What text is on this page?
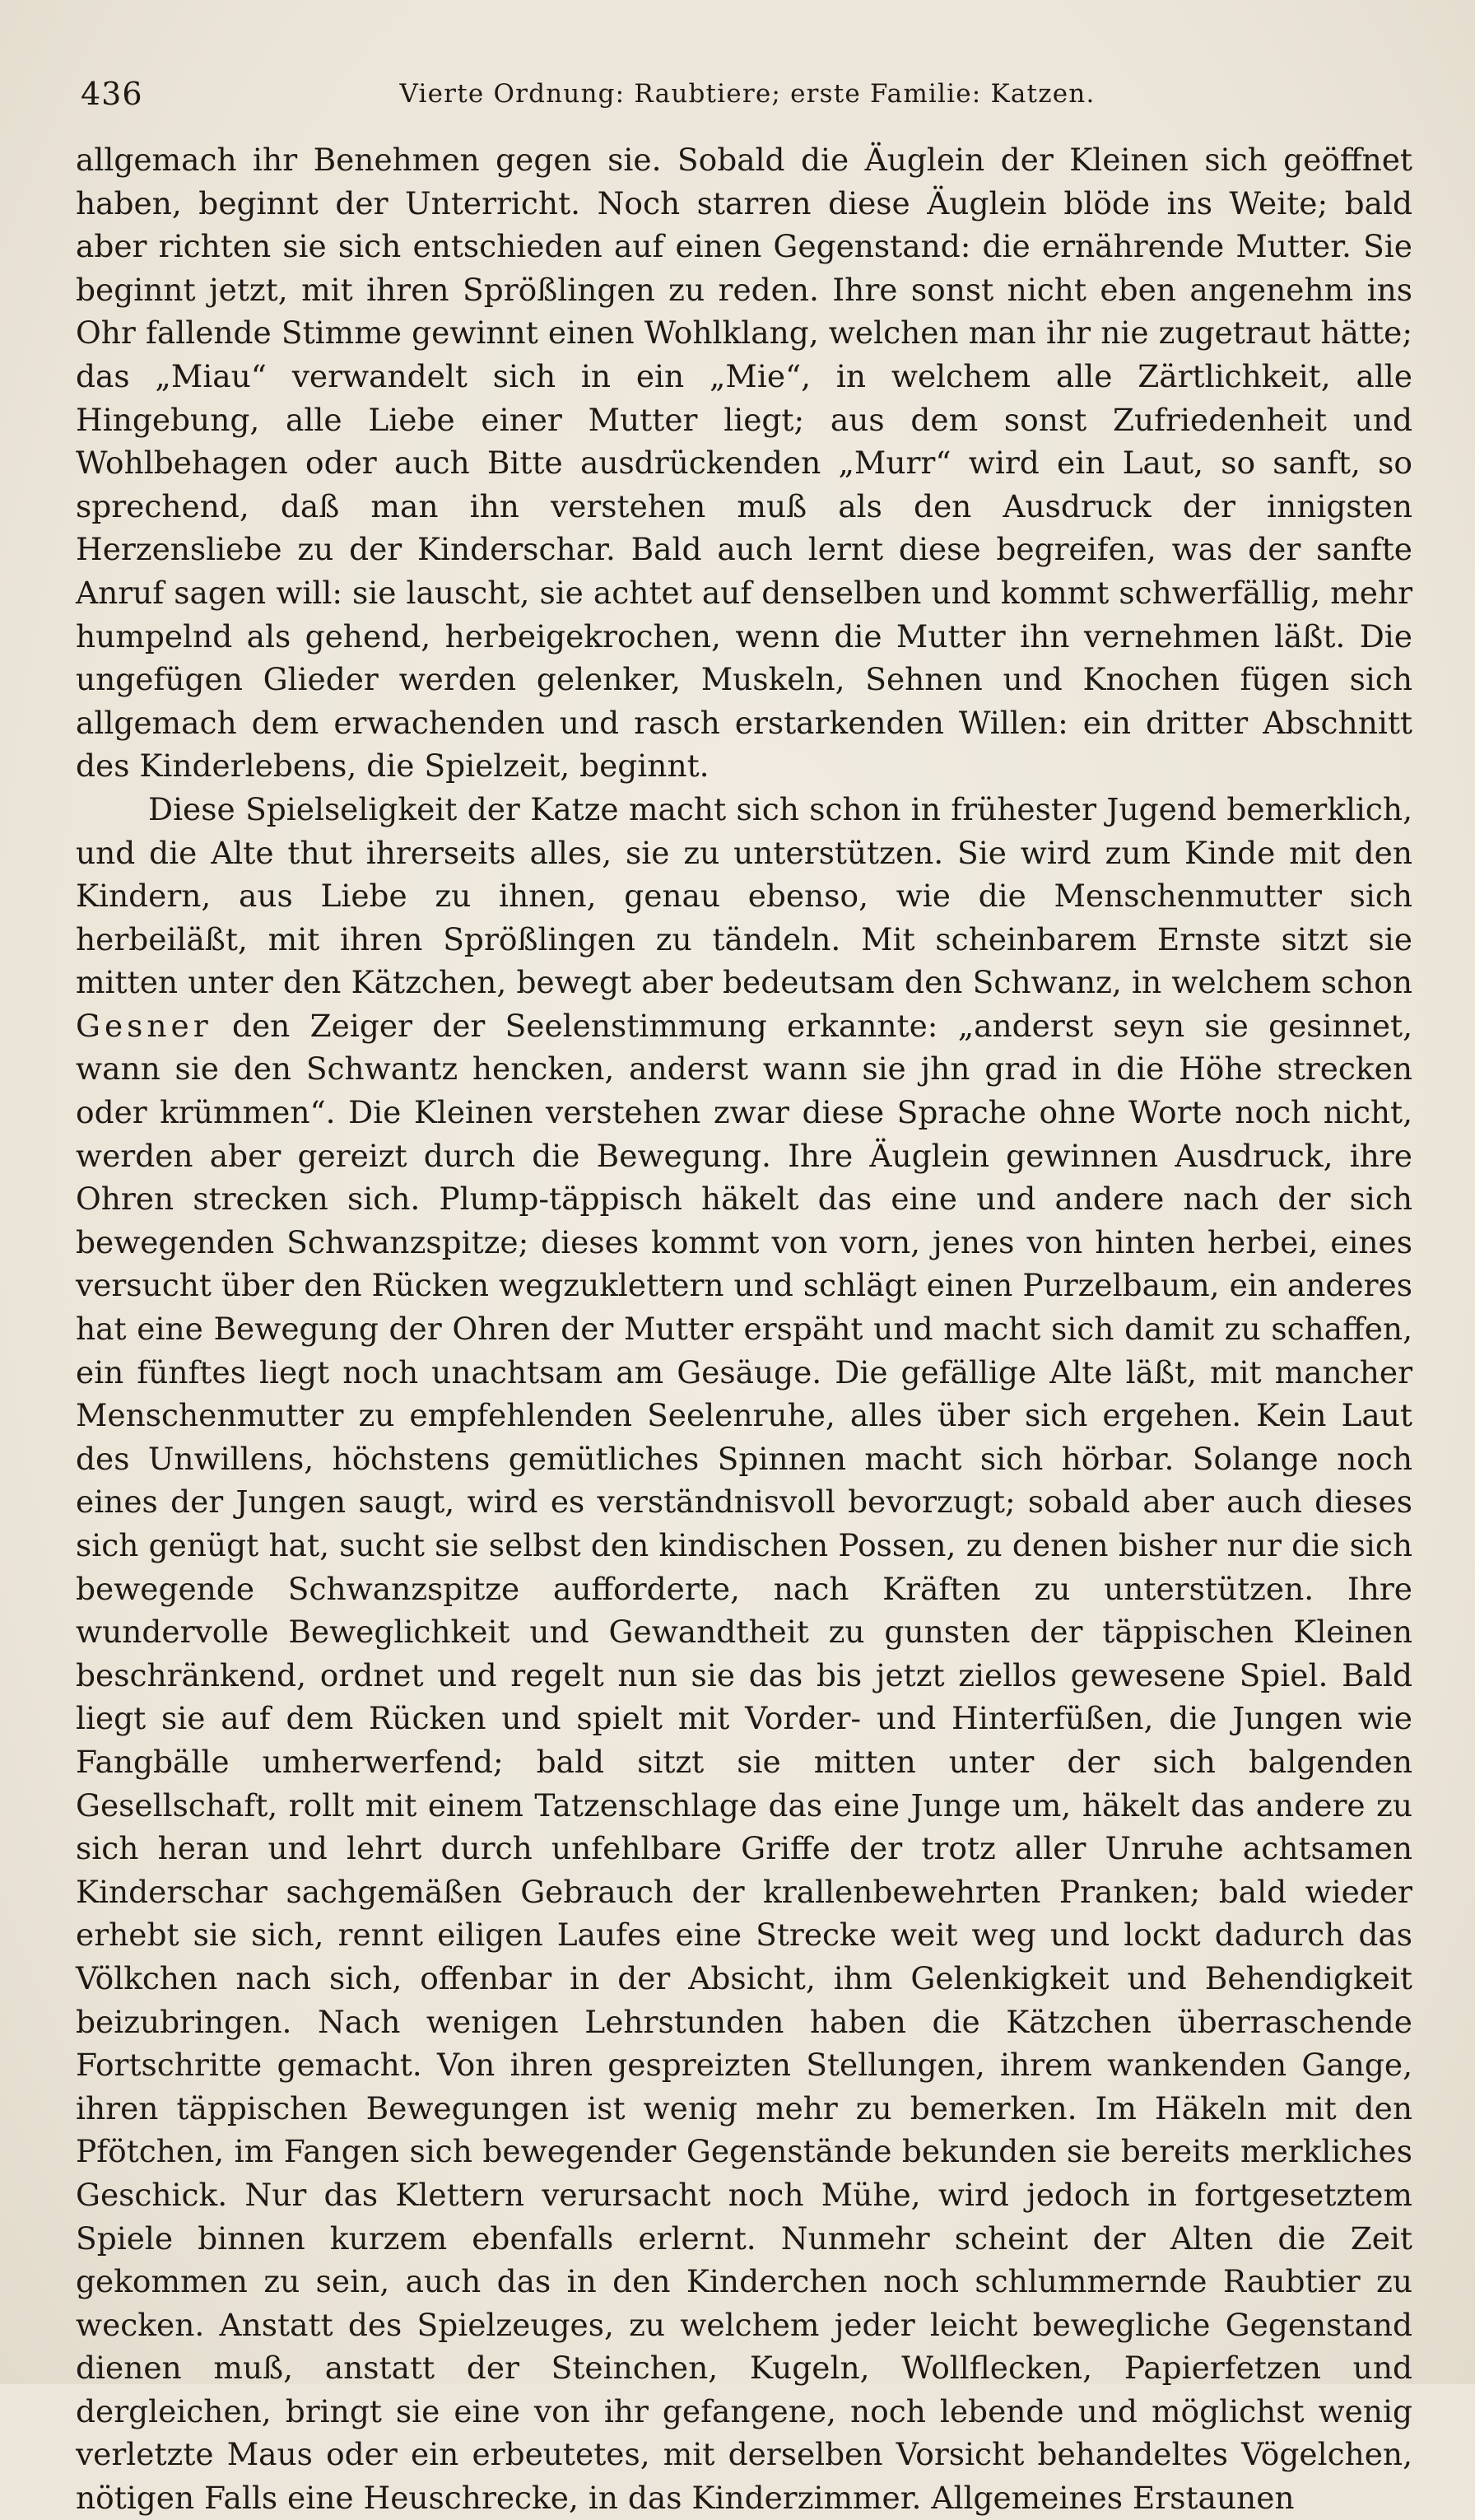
436	Vierte Ordnung: Raubtiere; erste Familie: Katzen.

allgemach ihr Benehmen gegen sie. Sobald die Äuglein der Kleinen sich geöffnet haben, beginnt der Unterricht. Noch starren diese Äuglein blöde ins Weite; bald aber richten sie sich entschieden auf einen Gegenstand: die ernährende Mutter. Sie beginnt jetzt, mit ihren Sprößlingen zu reden. Ihre sonst nicht eben angenehm ins Ohr fallende Stimme gewinnt einen Wohlklang, welchen man ihr nie zugetraut hätte; das „Miau“ verwandelt sich in ein „Mie“, in welchem alle Zärtlichkeit, alle Hingebung, alle Liebe einer Mutter liegt; aus dem sonst Zufriedenheit und Wohlbehagen oder auch Bitte ausdrückenden „Murr“ wird ein Laut, so sanft, so sprechend, daß man ihn verstehen muß als den Ausdruck der innigsten Herzensliebe zu der Kinderschar. Bald auch lernt diese begreifen, was der sanfte Anruf sagen will: sie lauscht, sie achtet auf denselben und kommt schwerfällig, mehr humpelnd als gehend, herbeigekrochen, wenn die Mutter ihn vernehmen läßt. Die ungefügen Glieder werden gelenker, Muskeln, Sehnen und Knochen fügen sich allgemach dem erwachenden und rasch erstarkenden Willen: ein dritter Abschnitt des Kinderlebens, die Spielzeit, beginnt.

Diese Spielseligkeit der Katze macht sich schon in frühester Jugend bemerklich, und die Alte thut ihrerseits alles, sie zu unterstützen. Sie wird zum Kinde mit den Kindern, aus Liebe zu ihnen, genau ebenso, wie die Menschenmutter sich herbeiläßt, mit ihren Sprößlingen zu tändeln. Mit scheinbarem Ernste sitzt sie mitten unter den Kätzchen, bewegt aber bedeutsam den Schwanz, in welchem schon Gesner den Zeiger der Seelenstimmung erkannte: „anderst seyn sie gesinnet, wann sie den Schwantz hencken, anderst wann sie jhn grad in die Höhe strecken oder krümmen“. Die Kleinen verstehen zwar diese Sprache ohne Worte noch nicht, werden aber gereizt durch die Bewegung. Ihre Äuglein gewinnen Ausdruck, ihre Ohren strecken sich. Plump-täppisch häkelt das eine und andere nach der sich bewegenden Schwanzspitze; dieses kommt von vorn, jenes von hinten herbei, eines versucht über den Rücken wegzuklettern und schlägt einen Purzelbaum, ein anderes hat eine Bewegung der Ohren der Mutter erspäht und macht sich damit zu schaffen, ein fünftes liegt noch unachtsam am Gesäuge. Die gefällige Alte läßt, mit mancher Menschenmutter zu empfehlenden Seelenruhe, alles über sich ergehen. Kein Laut des Unwillens, höchstens gemütliches Spinnen macht sich hörbar. Solange noch eines der Jungen saugt, wird es verständnisvoll bevorzugt; sobald aber auch dieses sich genügt hat, sucht sie selbst den kindischen Possen, zu denen bisher nur die sich bewegende Schwanzspitze aufforderte, nach Kräften zu unterstützen. Ihre wundervolle Beweglichkeit und Gewandtheit zu gunsten der täppischen Kleinen beschränkend, ordnet und regelt nun sie das bis jetzt ziellos gewesene Spiel. Bald liegt sie auf dem Rücken und spielt mit Vorder- und Hinterfüßen, die Jungen wie Fangbälle umherwerfend; bald sitzt sie mitten unter der sich balgenden Gesellschaft, rollt mit einem Tatzenschlage das eine Junge um, häkelt das andere zu sich heran und lehrt durch unfehlbare Griffe der trotz aller Unruhe achtsamen Kinderschar sachgemäßen Gebrauch der krallenbewehrten Pranken; bald wieder erhebt sie sich, rennt eiligen Laufes eine Strecke weit weg und lockt dadurch das Völkchen nach sich, offenbar in der Absicht, ihm Gelenkigkeit und Behendigkeit beizubringen. Nach wenigen Lehrstunden haben die Kätzchen überraschende Fortschritte gemacht. Von ihren gespreizten Stellungen, ihrem wankenden Gange, ihren täppischen Bewegungen ist wenig mehr zu bemerken. Im Häkeln mit den Pfötchen, im Fangen sich bewegender Gegenstände bekunden sie bereits merkliches Geschick. Nur das Klettern verursacht noch Mühe, wird jedoch in fortgesetztem Spiele binnen kurzem ebenfalls erlernt. Nunmehr scheint der Alten die Zeit gekommen zu sein, auch das in den Kinderchen noch schlummernde Raubtier zu wecken. Anstatt des Spielzeuges, zu welchem jeder leicht bewegliche Gegenstand dienen muß, anstatt der Steinchen, Kugeln, Wollflecken, Papierfetzen und dergleichen, bringt sie eine von ihr gefangene, noch lebende und möglichst wenig verletzte Maus oder ein erbeutetes, mit derselben Vorsicht behandeltes Vögelchen, nötigen Falls eine Heuschrecke, in das Kinderzimmer. Allgemeines Erstaunen
